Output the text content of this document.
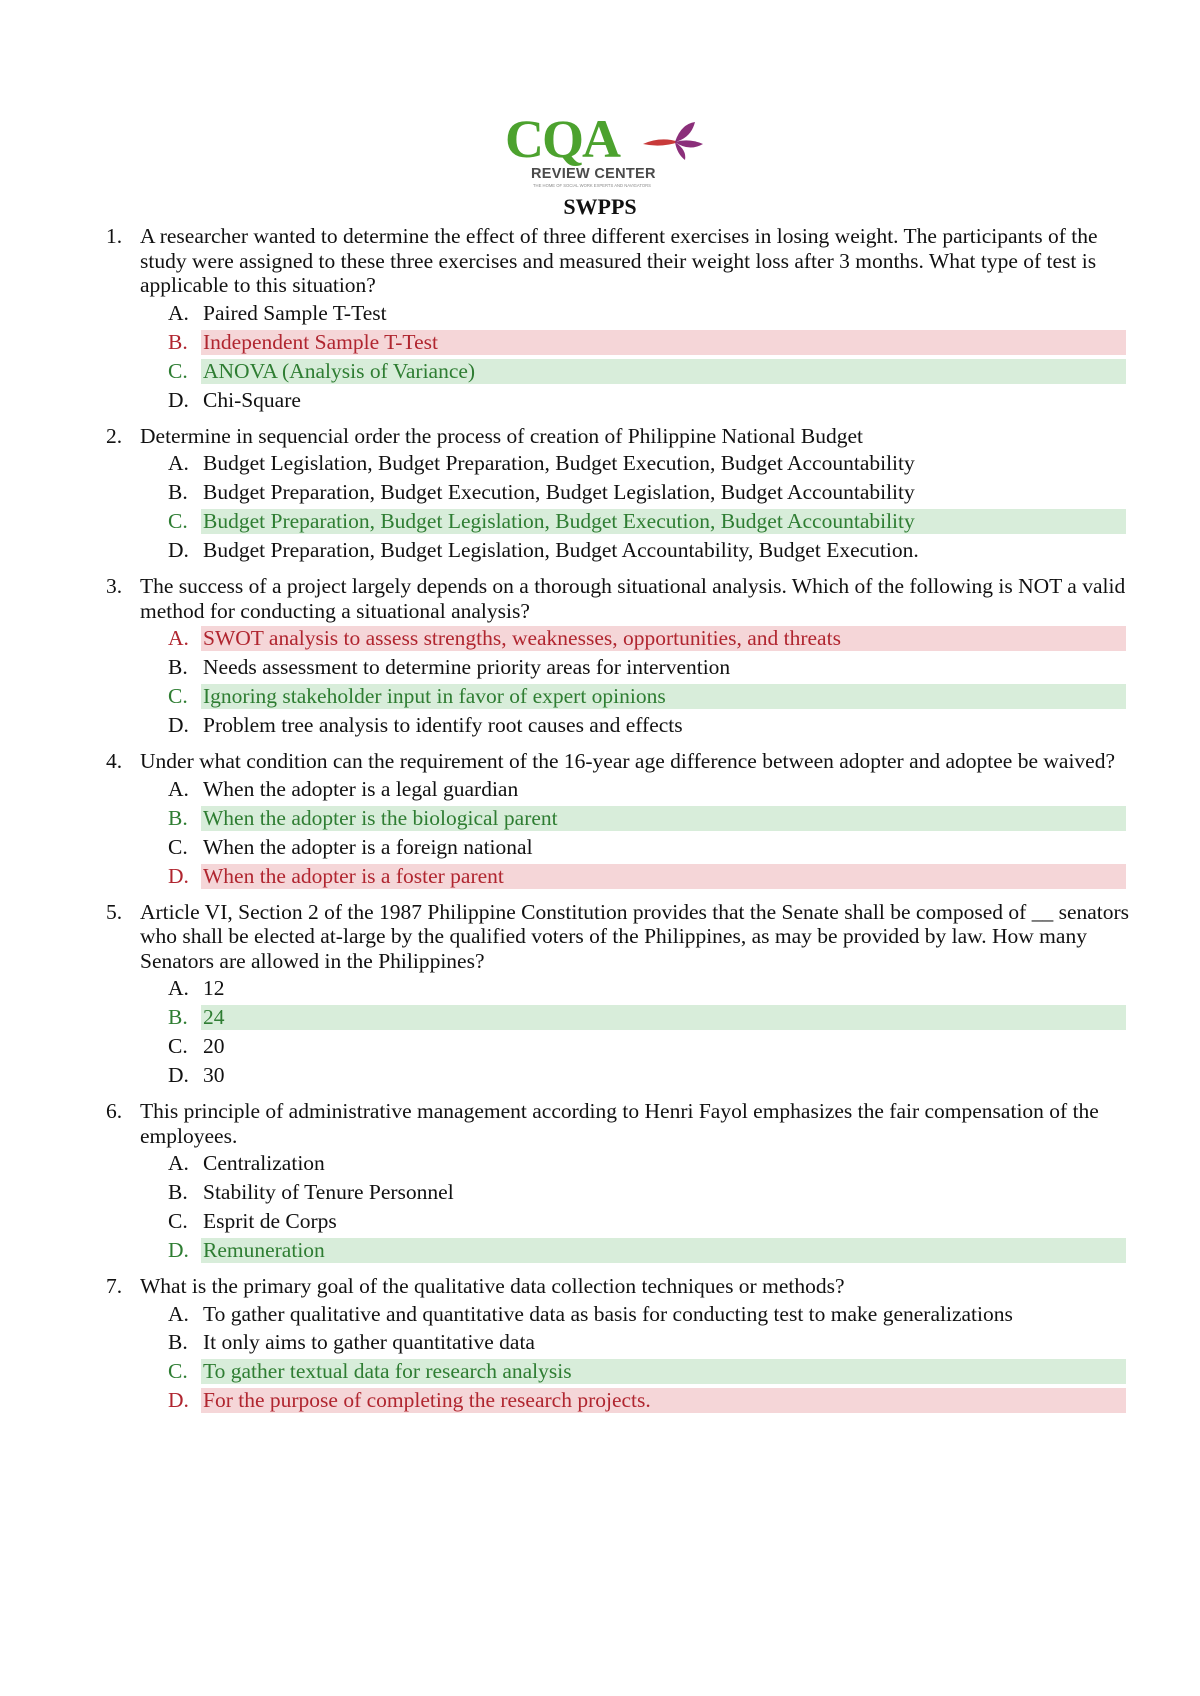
CQA
REVIEW CENTER
THE HOME OF SOCIAL WORK EXPERTS AND NAVIGATORS
SWPPS
1. A researcher wanted to determine the effect of three different exercises in losing weight. The participants of the study were assigned to these three exercises and measured their weight loss after 3 months. What type of test is applicable to this situation?
A. Paired Sample T-Test
B. Independent Sample T-Test
C. ANOVA (Analysis of Variance)
D. Chi-Square
2. Determine in sequencial order the process of creation of Philippine National Budget
A. Budget Legislation, Budget Preparation, Budget Execution, Budget Accountability
B. Budget Preparation, Budget Execution, Budget Legislation, Budget Accountability
C. Budget Preparation, Budget Legislation, Budget Execution, Budget Accountability
D. Budget Preparation, Budget Legislation, Budget Accountability, Budget Execution.
3. The success of a project largely depends on a thorough situational analysis. Which of the following is NOT a valid method for conducting a situational analysis?
A. SWOT analysis to assess strengths, weaknesses, opportunities, and threats
B. Needs assessment to determine priority areas for intervention
C. Ignoring stakeholder input in favor of expert opinions
D. Problem tree analysis to identify root causes and effects
4. Under what condition can the requirement of the 16-year age difference between adopter and adoptee be waived?
A. When the adopter is a legal guardian
B. When the adopter is the biological parent
C. When the adopter is a foreign national
D. When the adopter is a foster parent
5. Article VI, Section 2 of the 1987 Philippine Constitution provides that the Senate shall be composed of __ senators who shall be elected at-large by the qualified voters of the Philippines, as may be provided by law. How many Senators are allowed in the Philippines?
A. 12
B. 24
C. 20
D. 30
6. This principle of administrative management according to Henri Fayol emphasizes the fair compensation of the employees.
A. Centralization
B. Stability of Tenure Personnel
C. Esprit de Corps
D. Remuneration
7. What is the primary goal of the qualitative data collection techniques or methods?
A. To gather qualitative and quantitative data as basis for conducting test to make generalizations
B. It only aims to gather quantitative data
C. To gather textual data for research analysis
D. For the purpose of completing the research projects.
